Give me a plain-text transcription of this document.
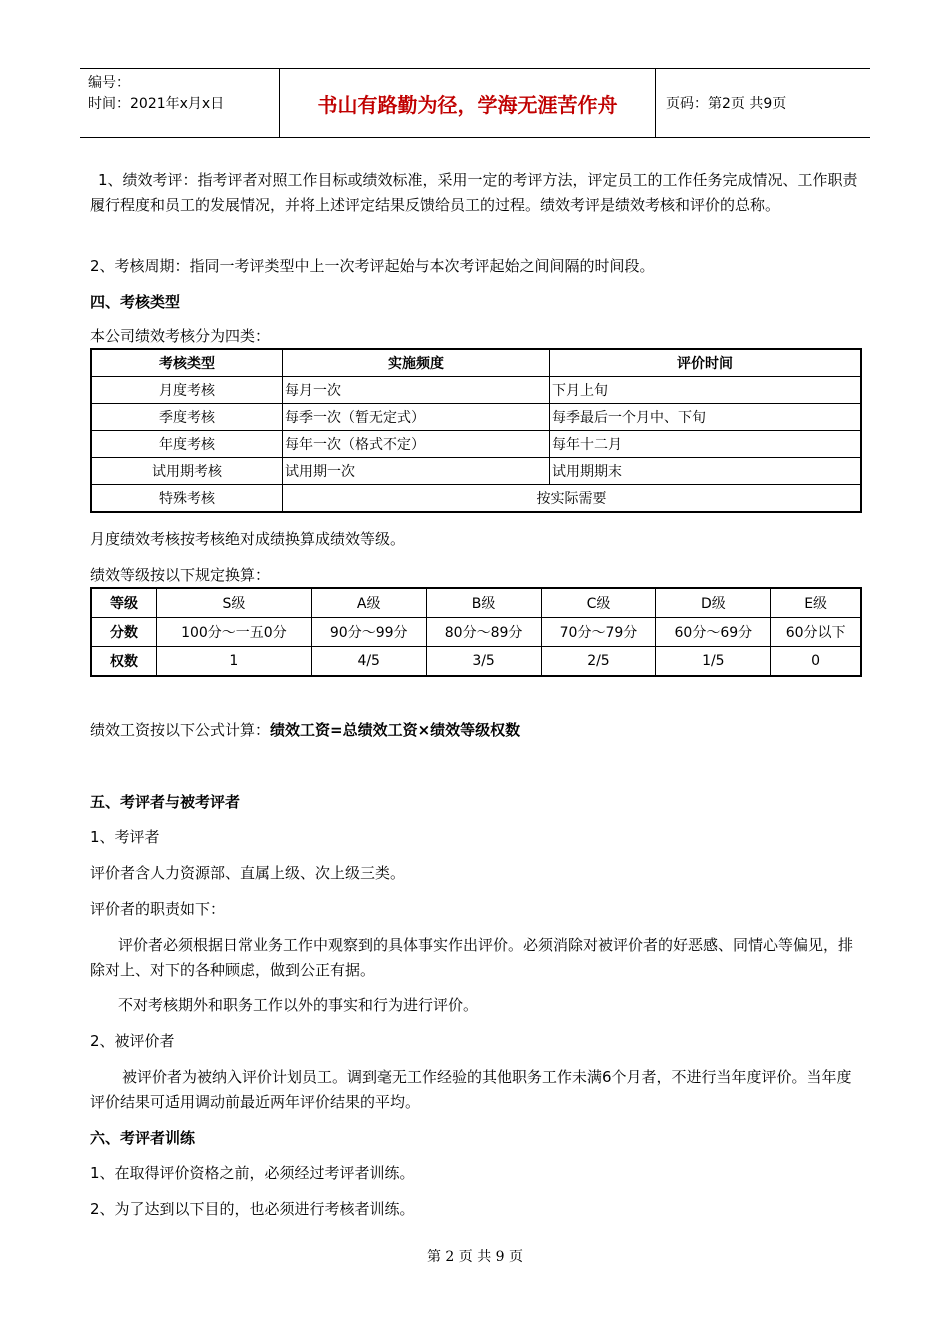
编号：
时间：2021年x月x日	书山有路勤为径，学海无涯苦作舟	页码：第2页 共9页
1、绩效考评：指考评者对照工作目标或绩效标准，采用一定的考评方法，评定员工的工作任务完成情况、工作职责履行程度和员工的发展情况，并将上述评定结果反馈给员工的过程。绩效考评是绩效考核和评价的总称。
2、考核周期：指同一考评类型中上一次考评起始与本次考评起始之间间隔的时间段。
四、考核类型
本公司绩效考核分为四类：
考核类型	实施频度	评价时间
月度考核	每月一次	下月上旬
季度考核	每季一次（暂无定式）	每季最后一个月中、下旬
年度考核	每年一次（格式不定）	每年十二月
试用期考核	试用期一次	试用期期末
特殊考核	按实际需要	
月度绩效考核按考核绝对成绩换算成绩效等级。
绩效等级按以下规定换算：
等级	S级	A级	B级	C级	D级	E级
分数	100分～一五0分	90分～99分	80分～89分	70分～79分	60分～69分	60分以下
权数	1	4/5	3/5	2/5	1/5	0
绩效工资按以下公式计算：绩效工资=总绩效工资×绩效等级权数
五、考评者与被考评者
1、考评者
评价者含人力资源部、直属上级、次上级三类。
评价者的职责如下：
评价者必须根据日常业务工作中观察到的具体事实作出评价。必须消除对被评价者的好恶感、同情心等偏见，排除对上、对下的各种顾虑，做到公正有据。
不对考核期外和职务工作以外的事实和行为进行评价。
2、被评价者
被评价者为被纳入评价计划员工。调到毫无工作经验的其他职务工作未满6个月者，不进行当年度评价。当年度评价结果可适用调动前最近两年评价结果的平均。
六、考评者训练
1、在取得评价资格之前，必须经过考评者训练。
2、为了达到以下目的，也必须进行考核者训练。
第 2 页 共 9 页
